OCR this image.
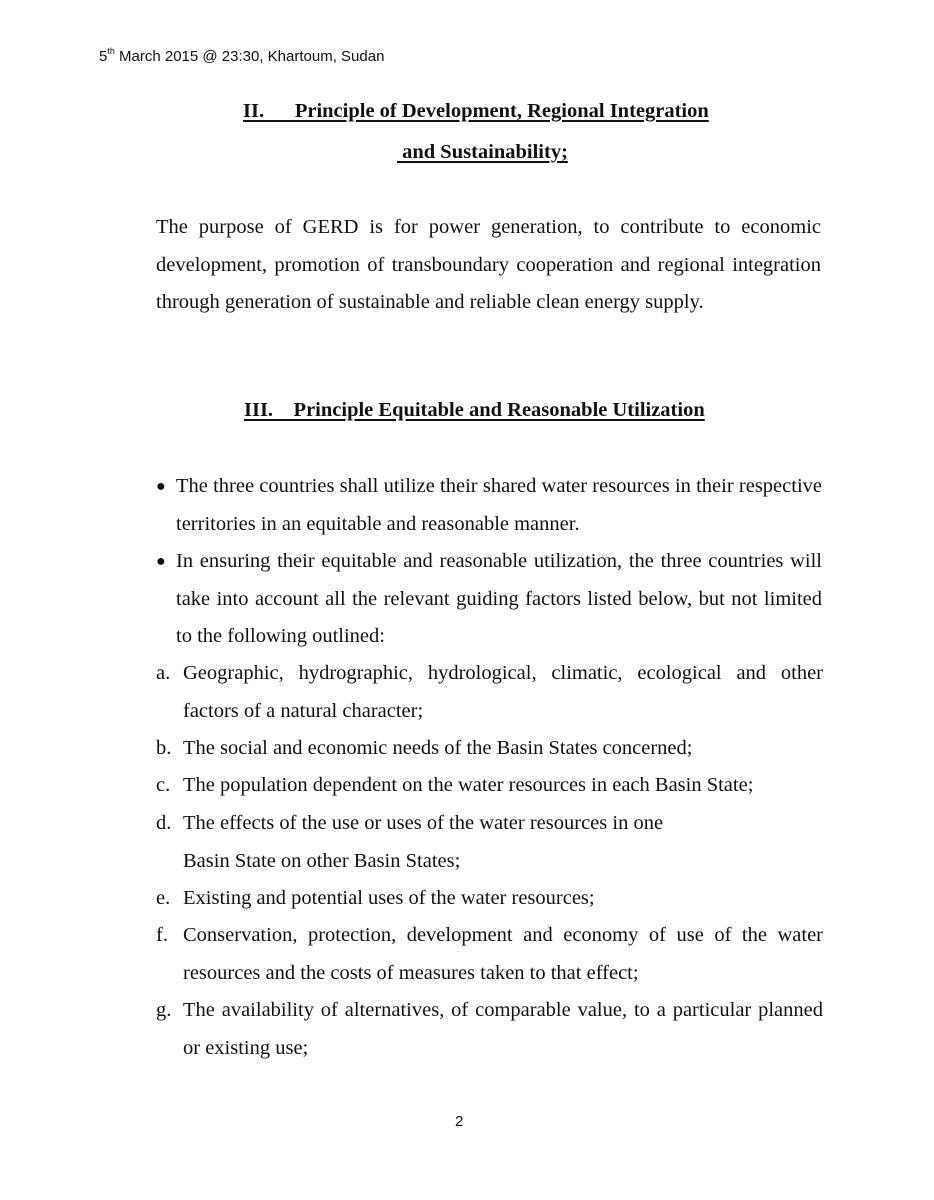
5th March 2015 @ 23:30, Khartoum, Sudan
II.      Principle of Development, Regional Integration
and Sustainability;

The purpose of GERD is for power generation, to contribute to economic development, promotion of transboundary cooperation and regional integration through generation of sustainable and reliable clean energy supply.

III.    Principle Equitable and Reasonable Utilization
● The three countries shall utilize their shared water resources in their respective territories in an equitable and reasonable manner.
● In ensuring their equitable and reasonable utilization, the three countries will take into account all the relevant guiding factors listed below, but not limited to the following outlined:
a. Geographic, hydrographic, hydrological, climatic, ecological and other factors of a natural character;
b. The social and economic needs of the Basin States concerned;
c. The population dependent on the water resources in each Basin State;
d. The effects of the use or uses of the water resources in one
Basin State on other Basin States;
e. Existing and potential uses of the water resources;
f. Conservation, protection, development and economy of use of the water resources and the costs of measures taken to that effect;
g. The availability of alternatives, of comparable value, to a particular planned or existing use;
2
